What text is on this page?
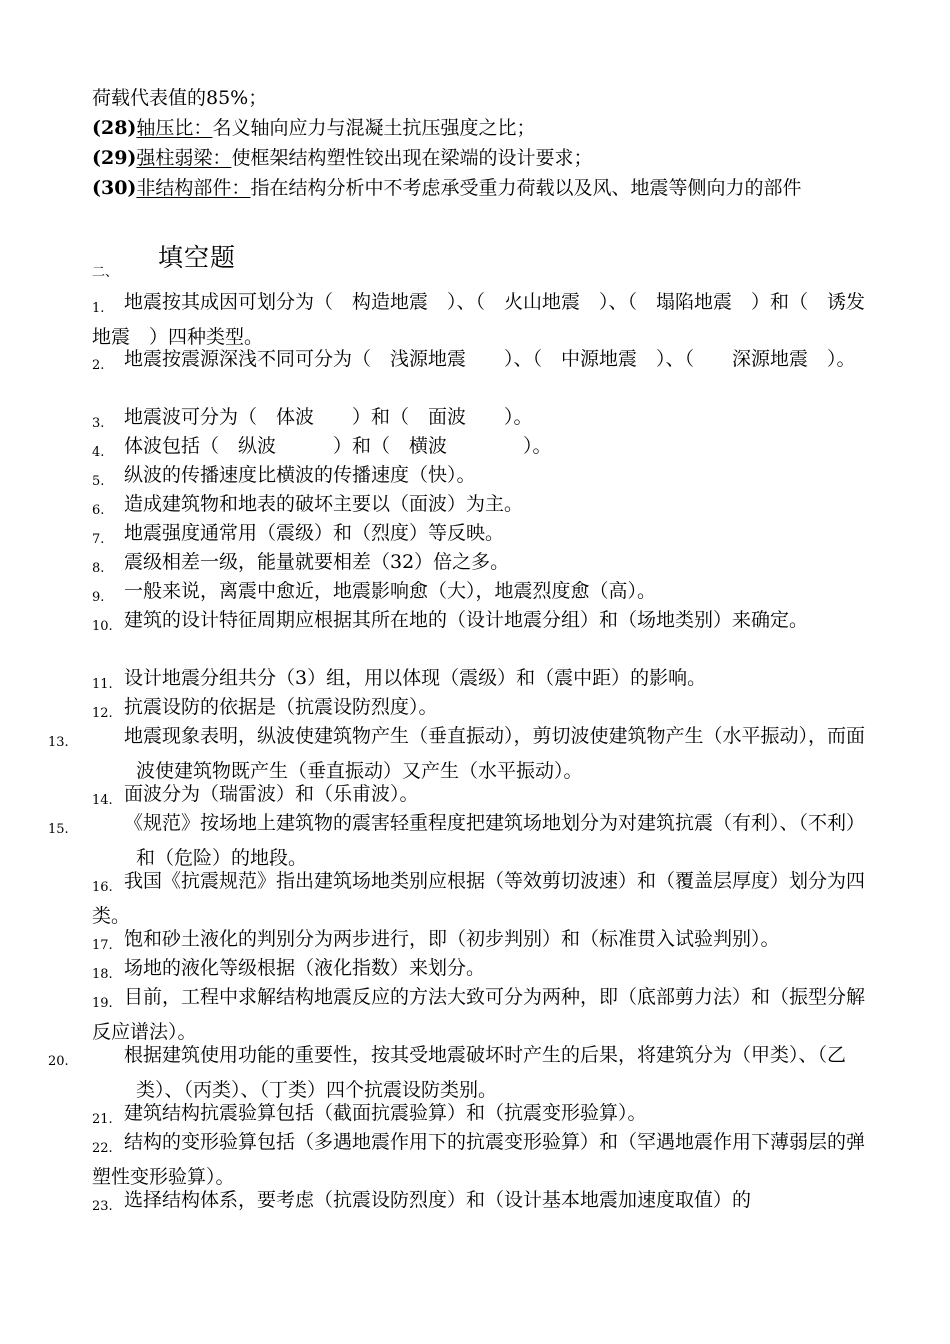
荷载代表值的85%；
(28)轴压比：名义轴向应力与混凝土抗压强度之比；
(29)强柱弱梁：使框架结构塑性铰出现在梁端的设计要求；
(30)非结构部件：指在结构分析中不考虑承受重力荷载以及风、地震等侧向力的部件
二、
填空题
1. 地震按其成因可划分为（　构造地震　）、（　火山地震　）、（　塌陷地震　）和（　诱发地震　）四种类型。
2. 地震按震源深浅不同可分为（　浅源地震　　）、（　中源地震　）、（　　深源地震　）。
3. 地震波可分为（　体波　　）和（　面波　　）。
4. 体波包括（　纵波　　　）和（　横波　　　　）。
5. 纵波的传播速度比横波的传播速度（快）。
6. 造成建筑物和地表的破坏主要以（面波）为主。
7. 地震强度通常用（震级）和（烈度）等反映。
8. 震级相差一级，能量就要相差（32）倍之多。
9. 一般来说，离震中愈近，地震影响愈（大），地震烈度愈（高）。
10. 建筑的设计特征周期应根据其所在地的（设计地震分组）和（场地类别）来确定。
11. 设计地震分组共分（3）组，用以体现（震级）和（震中距）的影响。
12. 抗震设防的依据是（抗震设防烈度）。
13.	地震现象表明，纵波使建筑物产生（垂直振动），剪切波使建筑物产生（水平振动），而面波使建筑物既产生（垂直振动）又产生（水平振动）。
14. 面波分为（瑞雷波）和（乐甫波）。
15.	《规范》按场地上建筑物的震害轻重程度把建筑场地划分为对建筑抗震（有利）、（不利）和（危险）的地段。
16. 我国《抗震规范》指出建筑场地类别应根据（等效剪切波速）和（覆盖层厚度）划分为四类。
17. 饱和砂土液化的判别分为两步进行，即（初步判别）和（标准贯入试验判别）。
18. 场地的液化等级根据（液化指数）来划分。
19. 目前，工程中求解结构地震反应的方法大致可分为两种，即（底部剪力法）和（振型分解反应谱法）。
20.	根据建筑使用功能的重要性，按其受地震破坏时产生的后果，将建筑分为（甲类）、（乙类）、（丙类）、（丁类）四个抗震设防类别。
21. 建筑结构抗震验算包括（截面抗震验算）和（抗震变形验算）。
22. 结构的变形验算包括（多遇地震作用下的抗震变形验算）和（罕遇地震作用下薄弱层的弹塑性变形验算）。
23. 选择结构体系，要考虑（抗震设防烈度）和（设计基本地震加速度取值）的
